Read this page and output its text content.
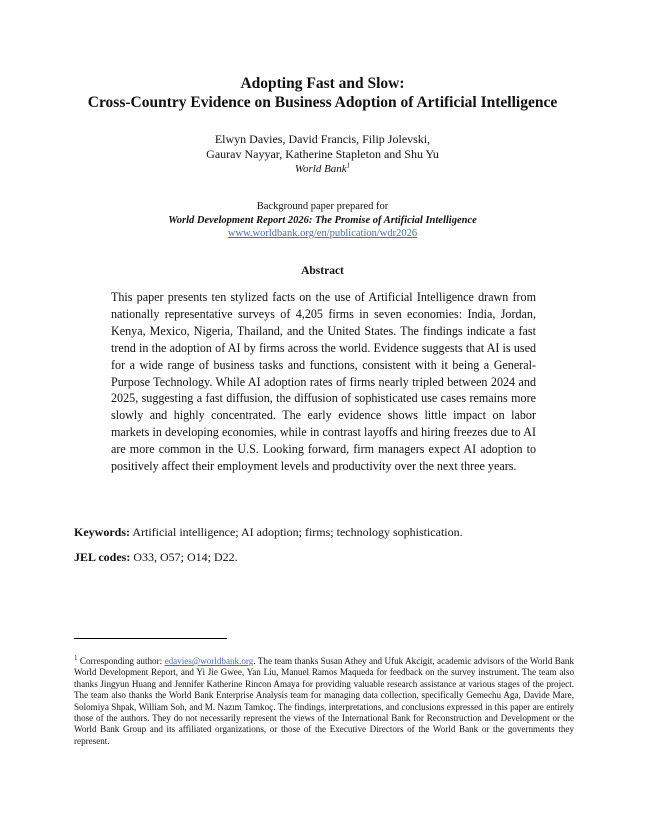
Adopting Fast and Slow:

Cross-Country Evidence on Business Adoption of Artificial Intelligence

Elwyn Davies, David Francis, Filip Jolevski,
Gaurav Nayyar, Katherine Stapleton and Shu Yu
World Bank$^1$
Background paper prepared for
World Development Report 2026: The Promise of Artificial Intelligence
www.worldbank.org/en/publication/wdr2026
Abstract
This paper presents ten stylized facts on the use of Artificial Intelligence drawn from nationally representative surveys of 4,205 firms in seven economies: India, Jordan, Kenya, Mexico, Nigeria, Thailand, and the United States. The findings indicate a fast trend in the adoption of AI by firms across the world. Evidence suggests that AI is used for a wide range of business tasks and functions, consistent with it being a General-Purpose Technology. While AI adoption rates of firms nearly tripled between 2024 and 2025, suggesting a fast diffusion, the diffusion of sophisticated use cases remains more slowly and highly concentrated. The early evidence shows little impact on labor markets in developing economies, while in contrast layoffs and hiring freezes due to AI are more common in the U.S. Looking forward, firm managers expect AI adoption to positively affect their employment levels and productivity over the next three years.
Keywords: Artificial intelligence; AI adoption; firms; technology sophistication.
JEL codes: O33, O57; O14; D22.
$^1$ Corresponding author: edavies@worldbank.org. The team thanks Susan Athey and Ufuk Akcigit, academic advisors of the World Bank World Development Report, and Yi Jie Gwee, Yan Liu, Manuel Ramos Maqueda for feedback on the survey instrument. The team also thanks Jingyun Huang and Jennifer Katherine Rincon Amaya for providing valuable research assistance at various stages of the project. The team also thanks the World Bank Enterprise Analysis team for managing data collection, specifically Gemechu Aga, Davide Mare, Solomiya Shpak, William Soh, and M. Nazım Tamkoç. The findings, interpretations, and conclusions expressed in this paper are entirely those of the authors. They do not necessarily represent the views of the International Bank for Reconstruction and Development or the World Bank Group and its affiliated organizations, or those of the Executive Directors of the World Bank or the governments they represent.
